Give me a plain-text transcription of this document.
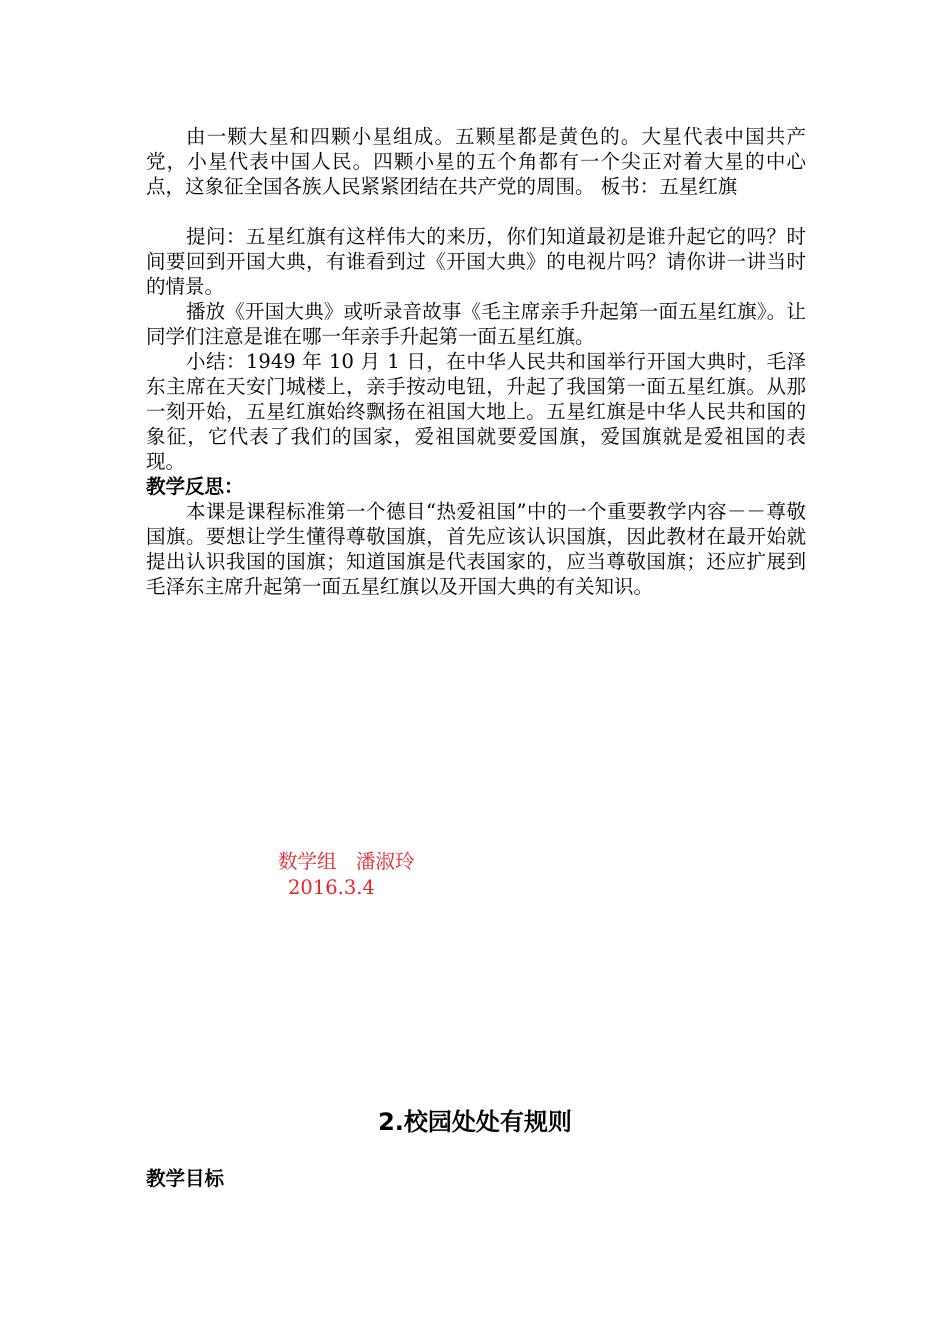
由一颗大星和四颗小星组成。五颗星都是黄色的。大星代表中国共产党，小星代表中国人民。四颗小星的五个角都有一个尖正对着大星的中心点，这象征全国各族人民紧紧团结在共产党的周围。 板书：五星红旗

提问：五星红旗有这样伟大的来历，你们知道最初是谁升起它的吗？时间要回到开国大典，有谁看到过《开国大典》的电视片吗？请你讲一讲当时的情景。

播放《开国大典》或听录音故事《毛主席亲手升起第一面五星红旗》。让同学们注意是谁在哪一年亲手升起第一面五星红旗。

小结：1949 年 10 月 1 日，在中华人民共和国举行开国大典时，毛泽东主席在天安门城楼上，亲手按动电钮，升起了我国第一面五星红旗。从那一刻开始，五星红旗始终飘扬在祖国大地上。五星红旗是中华人民共和国的象征，它代表了我们的国家，爱祖国就要爱国旗，爱国旗就是爱祖国的表现。

教学反思：

本课是课程标准第一个德目“热爱祖国”中的一个重要教学内容－－尊敬国旗。要想让学生懂得尊敬国旗，首先应该认识国旗，因此教材在最开始就提出认识我国的国旗；知道国旗是代表国家的，应当尊敬国旗；还应扩展到毛泽东主席升起第一面五星红旗以及开国大典的有关知识。

数学组　潘淑玲
2016.3.4
2.校园处处有规则
教学目标
